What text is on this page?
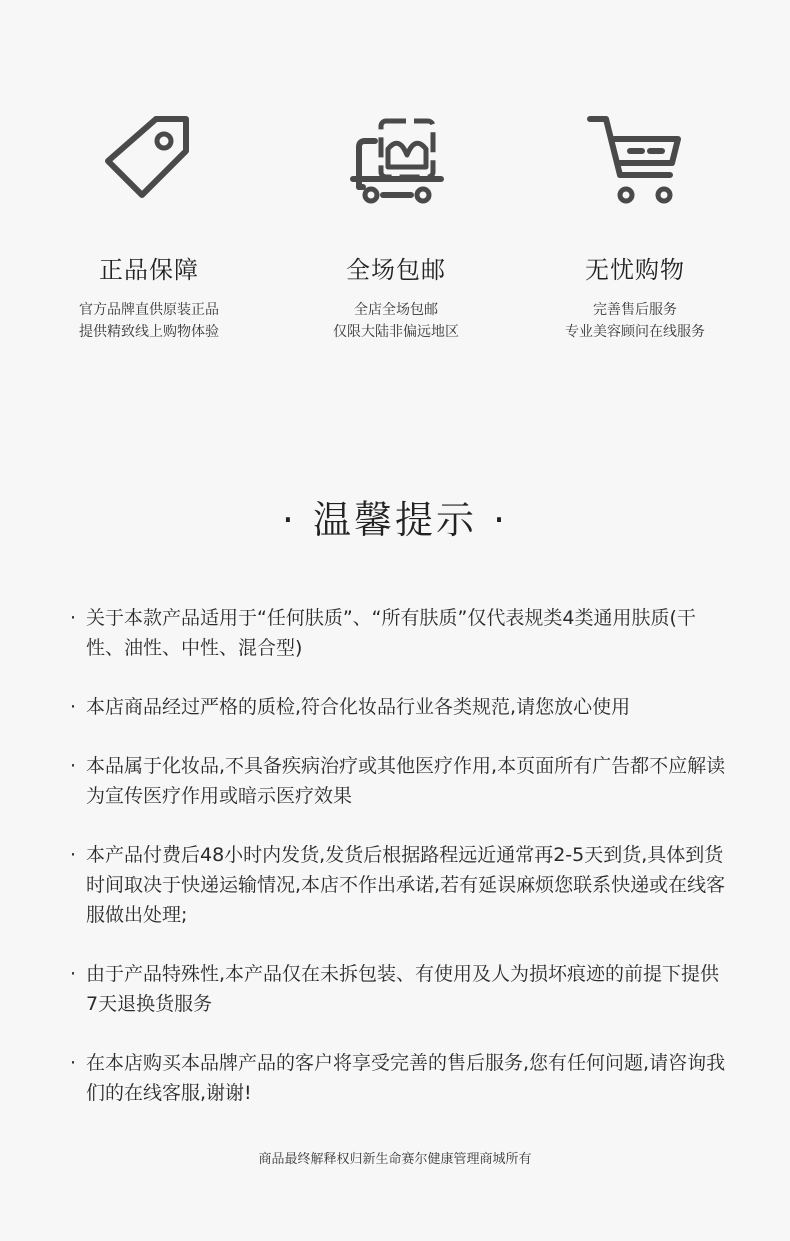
正品保障
官方品牌直供原装正品
提供精致线上购物体验
全场包邮
全店全场包邮
仅限大陆非偏远地区
无忧购物
完善售后服务
专业美容顾问在线服务
· 温馨提示 ·
· 关于本款产品适用于“任何肤质”、“所有肤质”仅代表规类4类通用肤质(干性、油性、中性、混合型)
· 本店商品经过严格的质检,符合化妆品行业各类规范,请您放心使用
· 本品属于化妆品,不具备疾病治疗或其他医疗作用,本页面所有广告都不应解读为宣传医疗作用或暗示医疗效果
· 本产品付费后48小时内发货,发货后根据路程远近通常再2-5天到货,具体到货时间取决于快递运输情况,本店不作出承诺,若有延误麻烦您联系快递或在线客服做出处理;
· 由于产品特殊性,本产品仅在未拆包装、有使用及人为损坏痕迹的前提下提供7天退换货服务
· 在本店购买本品牌产品的客户将享受完善的售后服务,您有任何问题,请咨询我们的在线客服,谢谢!
商品最终解释权归新生命赛尔健康管理商城所有
